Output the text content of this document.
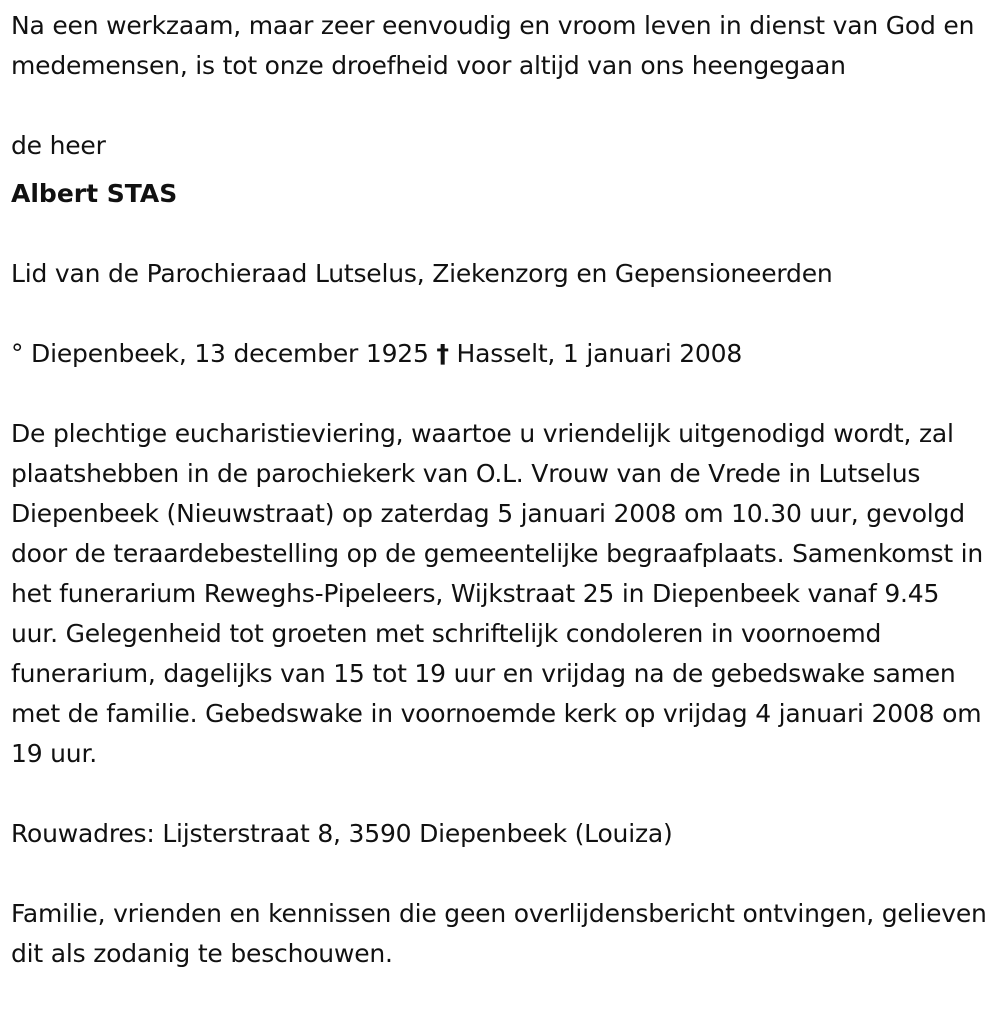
Na een werkzaam, maar zeer eenvoudig en vroom leven in dienst van God en medemensen, is tot onze droefheid voor altijd van ons heengegaan

de heer

Albert STAS

Lid van de Parochieraad Lutselus, Ziekenzorg en Gepensioneerden

° Diepenbeek, 13 december 1925 † Hasselt, 1 januari 2008

De plechtige eucharistieviering, waartoe u vriendelijk uitgenodigd wordt, zal plaatshebben in de parochiekerk van O.L. Vrouw van de Vrede in Lutselus Diepenbeek (Nieuwstraat) op zaterdag 5 januari 2008 om 10.30 uur, gevolgd door de teraardebestelling op de gemeentelijke begraafplaats. Samenkomst in het funerarium Reweghs-Pipeleers, Wijkstraat 25 in Diepenbeek vanaf 9.45 uur. Gelegenheid tot groeten met schriftelijk condoleren in voornoemd funerarium, dagelijks van 15 tot 19 uur en vrijdag na de gebedswake samen met de familie. Gebedswake in voornoemde kerk op vrijdag 4 januari 2008 om 19 uur.

Rouwadres: Lijsterstraat 8, 3590 Diepenbeek (Louiza)

Familie, vrienden en kennissen die geen overlijdensbericht ontvingen, gelieven dit als zodanig te beschouwen.
